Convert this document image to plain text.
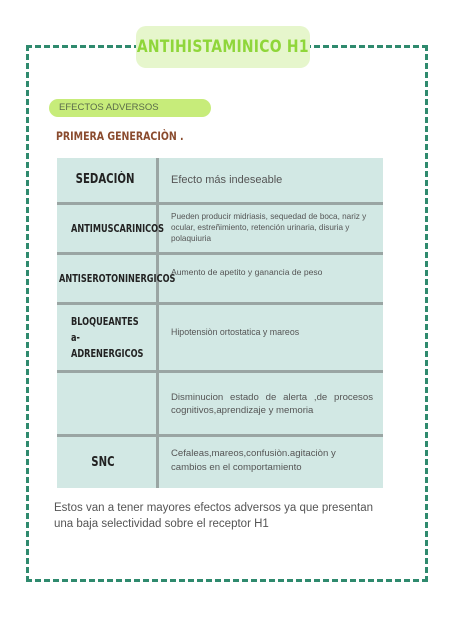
ANTIHISTAMINICO H1
EFECTOS ADVERSOS
PRIMERA GENERACIÒN .
SEDACIÒN	Efecto más indeseable
ANTIMUSCARINICOS
Pueden producir midriasis, sequedad de boca, nariz y ocular, estreñimiento, retención urinaria, disuria y polaquiuria
ANTISEROTONINERGICOS
Aumento de apetito y ganancia de peso
BLOQUEANTES a-
ADRENERGICOS
Hipotensiòn ortostatica y mareos
Disminucion estado de alerta ,de procesos cognitivos,aprendizaje y memoria
SNC
Cefaleas,mareos,confusiòn.agitaciòn y cambios en el comportamiento
Estos van a tener mayores efectos adversos ya que presentan una baja selectividad sobre el receptor H1
